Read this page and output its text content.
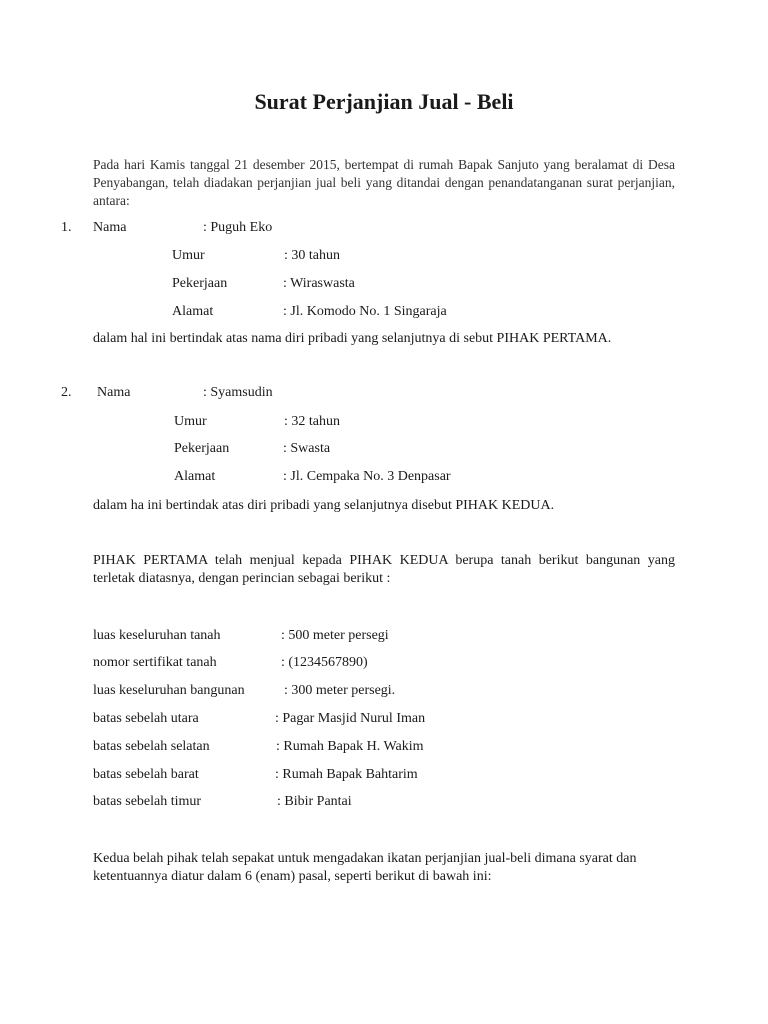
Surat Perjanjian Jual - Beli
Pada hari Kamis tanggal 21 desember 2015, bertempat di rumah Bapak Sanjuto yang beralamat di Desa Penyabangan, telah diadakan perjanjian jual beli yang ditandai dengan penandatanganan surat perjanjian, antara:
1. Nama	: Puguh Eko
Umur	: 30 tahun
Pekerjaan	: Wiraswasta
Alamat	: Jl. Komodo No. 1 Singaraja
dalam hal ini bertindak atas nama diri pribadi yang selanjutnya di sebut PIHAK PERTAMA.
2. Nama	: Syamsudin
Umur	: 32 tahun
Pekerjaan	: Swasta
Alamat	: Jl. Cempaka No. 3 Denpasar
dalam ha ini bertindak atas diri pribadi yang selanjutnya disebut PIHAK KEDUA.
PIHAK PERTAMA telah menjual kepada PIHAK KEDUA berupa tanah berikut bangunan yang terletak diatasnya, dengan perincian sebagai berikut :
luas keseluruhan tanah	: 500 meter persegi
nomor sertifikat tanah	: (1234567890)
luas keseluruhan bangunan	: 300 meter persegi.
batas sebelah utara	: Pagar Masjid Nurul Iman
batas sebelah selatan	: Rumah Bapak H. Wakim
batas sebelah barat	: Rumah Bapak Bahtarim
batas sebelah timur	: Bibir Pantai
Kedua belah pihak telah sepakat untuk mengadakan ikatan perjanjian jual-beli dimana syarat dan ketentuannya diatur dalam 6 (enam) pasal, seperti berikut di bawah ini:
